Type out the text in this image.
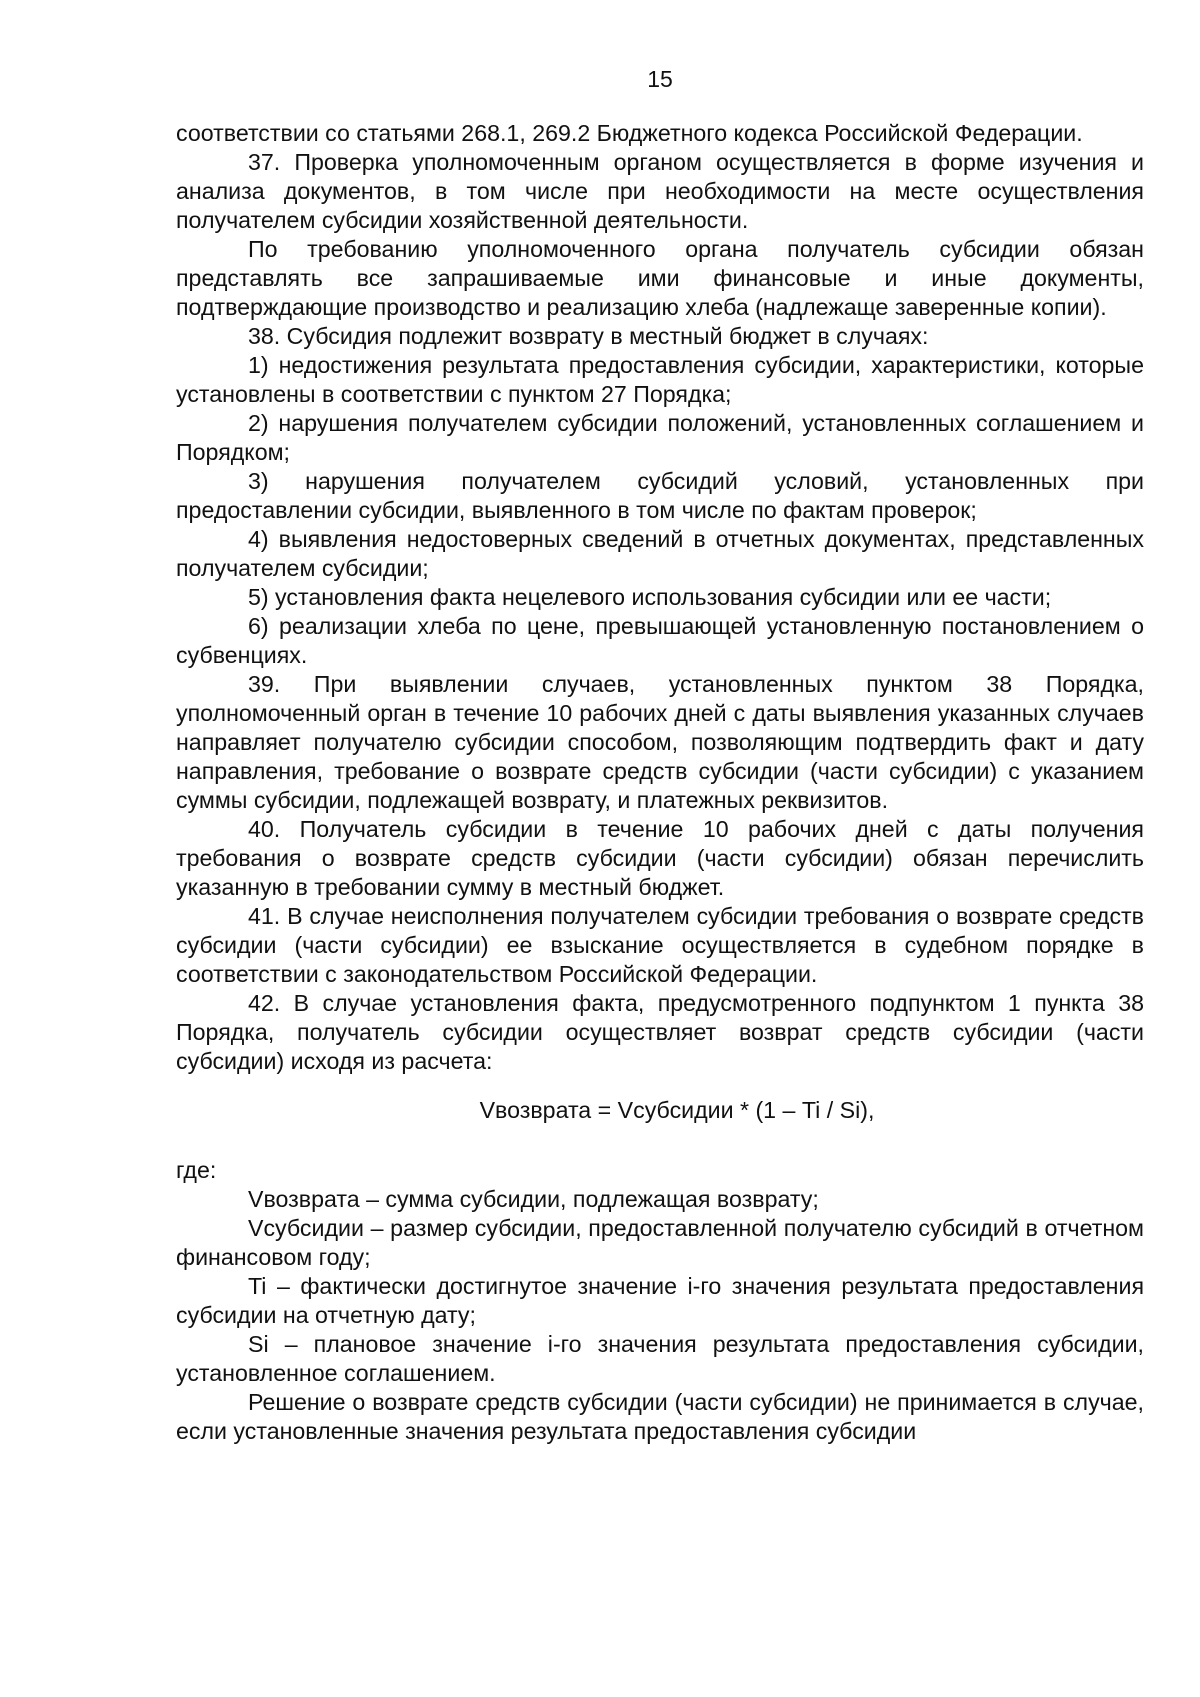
15

соответствии со статьями 268.1, 269.2 Бюджетного кодекса Российской Федерации.

37. Проверка уполномоченным органом осуществляется в форме изучения и анализа документов, в том числе при необходимости на месте осуществления получателем субсидии хозяйственной деятельности.

По требованию уполномоченного органа получатель субсидии обязан представлять все запрашиваемые ими финансовые и иные документы, подтверждающие производство и реализацию хлеба (надлежаще заверенные копии).

38. Субсидия подлежит возврату в местный бюджет в случаях:

1) недостижения результата предоставления субсидии, характеристики, которые установлены в соответствии с пунктом 27 Порядка;

2) нарушения получателем субсидии положений, установленных соглашением и Порядком;

3) нарушения получателем субсидий условий, установленных при предоставлении субсидии, выявленного в том числе по фактам проверок;

4) выявления недостоверных сведений в отчетных документах, представленных получателем субсидии;

5) установления факта нецелевого использования субсидии или ее части;

6) реализации хлеба по цене, превышающей установленную постановлением о субвенциях.

39. При выявлении случаев, установленных пунктом 38 Порядка, уполномоченный орган в течение 10 рабочих дней с даты выявления указанных случаев направляет получателю субсидии способом, позволяющим подтвердить факт и дату направления, требование о возврате средств субсидии (части субсидии) с указанием суммы субсидии, подлежащей возврату, и платежных реквизитов.

40. Получатель субсидии в течение 10 рабочих дней с даты получения требования о возврате средств субсидии (части субсидии) обязан перечислить указанную в требовании сумму в местный бюджет.

41. В случае неисполнения получателем субсидии требования о возврате средств субсидии (части субсидии) ее взыскание осуществляется в судебном порядке в соответствии с законодательством Российской Федерации.

42. В случае установления факта, предусмотренного подпунктом 1 пункта 38 Порядка, получатель субсидии осуществляет возврат средств субсидии (части субсидии) исходя из расчета:

Vвозврата = Vсубсидии * (1 – Ti / Si),

где:

Vвозврата – сумма субсидии, подлежащая возврату;

Vсубсидии – размер субсидии, предоставленной получателю субсидий в отчетном финансовом году;

Ti – фактически достигнутое значение i-го значения результата предоставления субсидии на отчетную дату;

Si – плановое значение i-го значения результата предоставления субсидии, установленное соглашением.

Решение о возврате средств субсидии (части субсидии) не принимается в случае, если установленные значения результата предоставления субсидии
